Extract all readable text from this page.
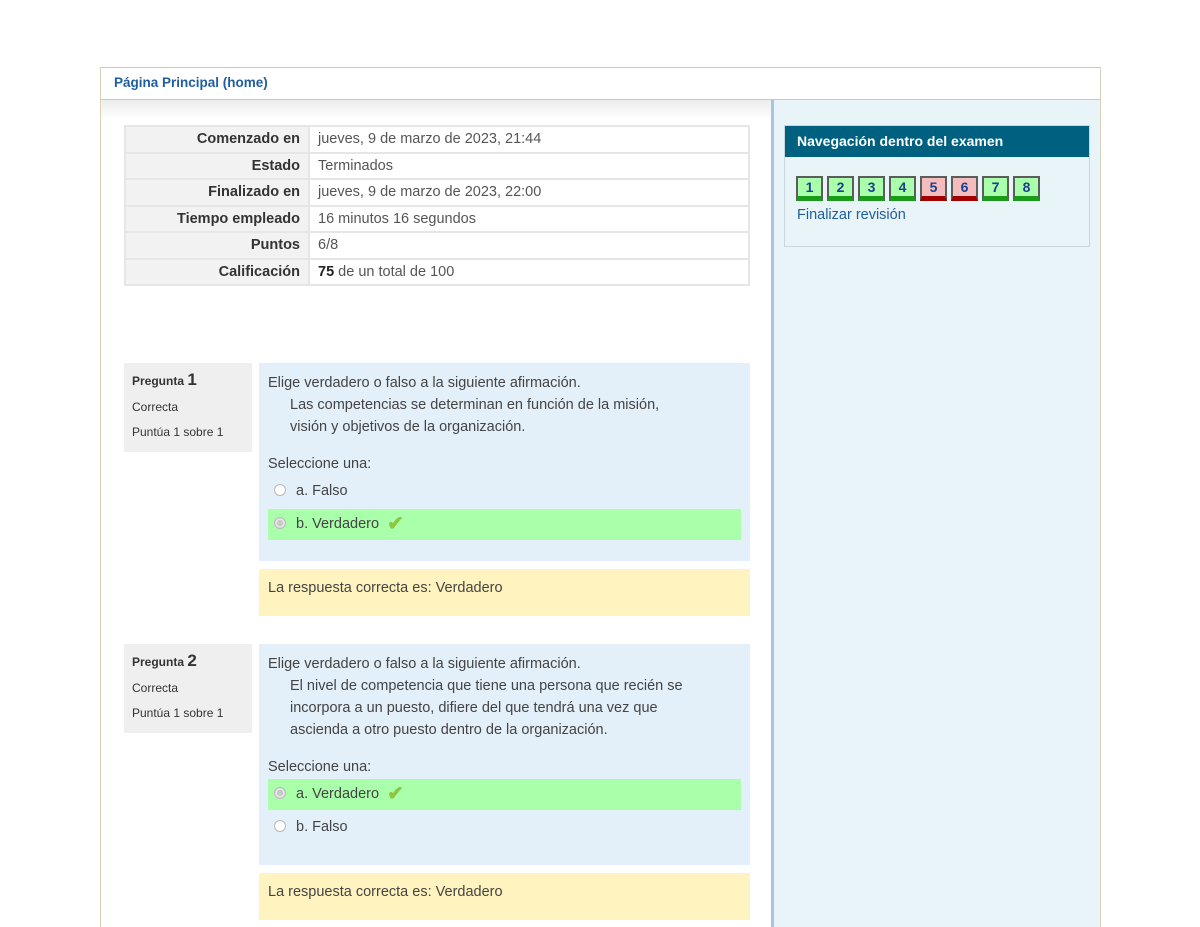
Página Principal (home)
Comenzado en	jueves, 9 de marzo de 2023, 21:44
Estado	Terminados
Finalizado en	jueves, 9 de marzo de 2023, 22:00
Tiempo empleado	16 minutos 16 segundos
Puntos	6/8
Calificación	75 de un total de 100
Pregunta 1
Correcta
Puntúa 1 sobre 1
Elige verdadero o falso a la siguiente afirmación.
Las competencias se determinan en función de la misión,
visión y objetivos de la organización.
Seleccione una:
a. Falso
b. Verdadero ✔
La respuesta correcta es: Verdadero
Pregunta 2
Correcta
Puntúa 1 sobre 1
Elige verdadero o falso a la siguiente afirmación.
El nivel de competencia que tiene una persona que recién se
incorpora a un puesto, difiere del que tendrá una vez que
ascienda a otro puesto dentro de la organización.
Seleccione una:
a. Verdadero ✔
b. Falso
La respuesta correcta es: Verdadero
Navegación dentro del examen
1	2	3	4	5	6	7	8
Finalizar revisión
